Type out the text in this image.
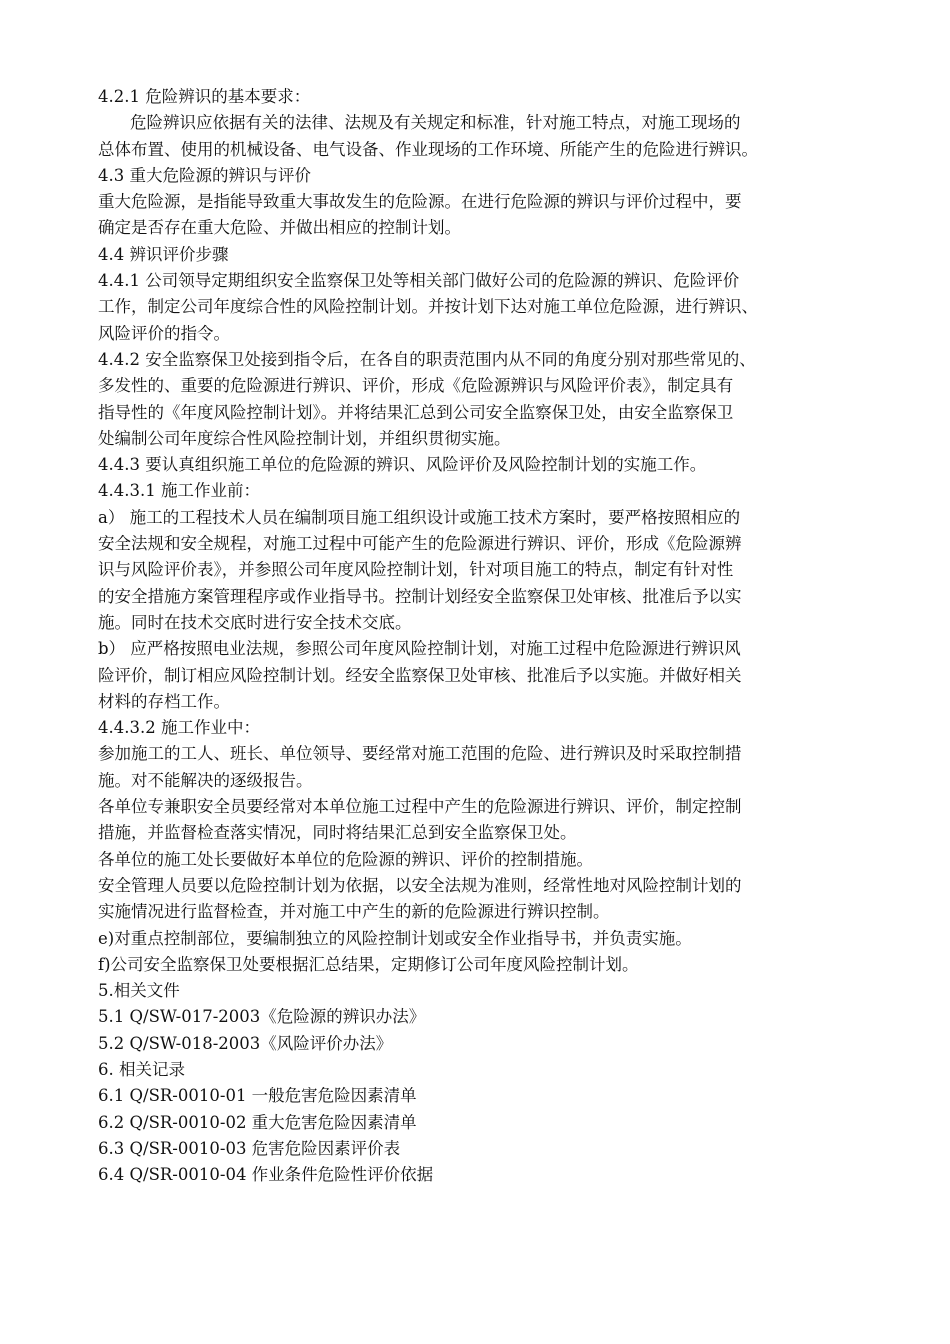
4.2.1 危险辨识的基本要求：
危险辨识应依据有关的法律、法规及有关规定和标准，针对施工特点，对施工现场的
总体布置、使用的机械设备、电气设备、作业现场的工作环境、所能产生的危险进行辨识。
4.3 重大危险源的辨识与评价
重大危险源，是指能导致重大事故发生的危险源。在进行危险源的辨识与评价过程中，要
确定是否存在重大危险、并做出相应的控制计划。
4.4 辨识评价步骤
4.4.1 公司领导定期组织安全监察保卫处等相关部门做好公司的危险源的辨识、危险评价
工作，制定公司年度综合性的风险控制计划。并按计划下达对施工单位危险源，进行辨识、
风险评价的指令。
4.4.2 安全监察保卫处接到指令后，在各自的职责范围内从不同的角度分别对那些常见的、
多发性的、重要的危险源进行辨识、评价，形成《危险源辨识与风险评价表》，制定具有
指导性的《年度风险控制计划》。并将结果汇总到公司安全监察保卫处，由安全监察保卫
处编制公司年度综合性风险控制计划，并组织贯彻实施。
4.4.3 要认真组织施工单位的危险源的辨识、风险评价及风险控制计划的实施工作。
4.4.3.1 施工作业前：
a） 施工的工程技术人员在编制项目施工组织设计或施工技术方案时，要严格按照相应的
安全法规和安全规程，对施工过程中可能产生的危险源进行辨识、评价，形成《危险源辨
识与风险评价表》，并参照公司年度风险控制计划，针对项目施工的特点，制定有针对性
的安全措施方案管理程序或作业指导书。控制计划经安全监察保卫处审核、批准后予以实
施。同时在技术交底时进行安全技术交底。
b） 应严格按照电业法规，参照公司年度风险控制计划，对施工过程中危险源进行辨识风
险评价，制订相应风险控制计划。经安全监察保卫处审核、批准后予以实施。并做好相关
材料的存档工作。
4.4.3.2 施工作业中：
参加施工的工人、班长、单位领导、要经常对施工范围的危险、进行辨识及时采取控制措
施。对不能解决的逐级报告。
各单位专兼职安全员要经常对本单位施工过程中产生的危险源进行辨识、评价，制定控制
措施，并监督检查落实情况，同时将结果汇总到安全监察保卫处。
各单位的施工处长要做好本单位的危险源的辨识、评价的控制措施。
安全管理人员要以危险控制计划为依据，以安全法规为准则，经常性地对风险控制计划的
实施情况进行监督检查，并对施工中产生的新的危险源进行辨识控制。
e)对重点控制部位，要编制独立的风险控制计划或安全作业指导书，并负责实施。
f)公司安全监察保卫处要根据汇总结果，定期修订公司年度风险控制计划。
5.相关文件
5.1 Q/SW-017-2003《危险源的辨识办法》
5.2 Q/SW-018-2003《风险评价办法》
6. 相关记录
6.1 Q/SR-0010-01 一般危害危险因素清单
6.2 Q/SR-0010-02 重大危害危险因素清单
6.3 Q/SR-0010-03 危害危险因素评价表
6.4 Q/SR-0010-04 作业条件危险性评价依据
